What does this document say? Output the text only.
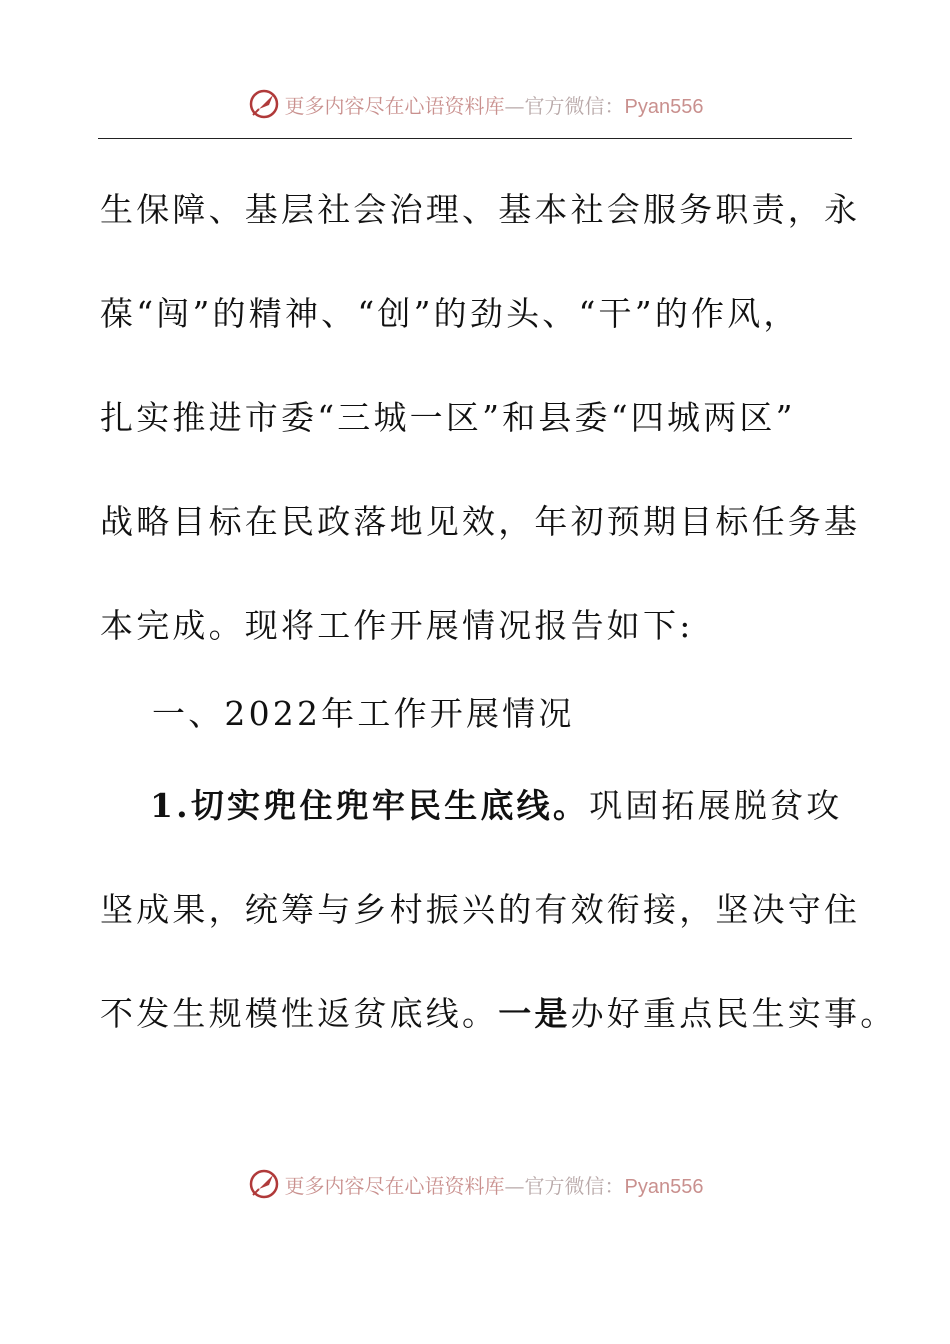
更多内容尽在心语资料库—官方微信：Pyan556
生保障、基层社会治理、基本社会服务职责，永
葆“闯”的精神、“创”的劲头、“干”的作风，
扎实推进市委“三城一区”和县委“四城两区”
战略目标在民政落地见效，年初预期目标任务基
本完成。现将工作开展情况报告如下:
一、2022年工作开展情况
1.切实兜住兜牢民生底线。巩固拓展脱贫攻
坚成果，统筹与乡村振兴的有效衔接，坚决守住
不发生规模性返贫底线。一是办好重点民生实事。
更多内容尽在心语资料库—官方微信：Pyan556
